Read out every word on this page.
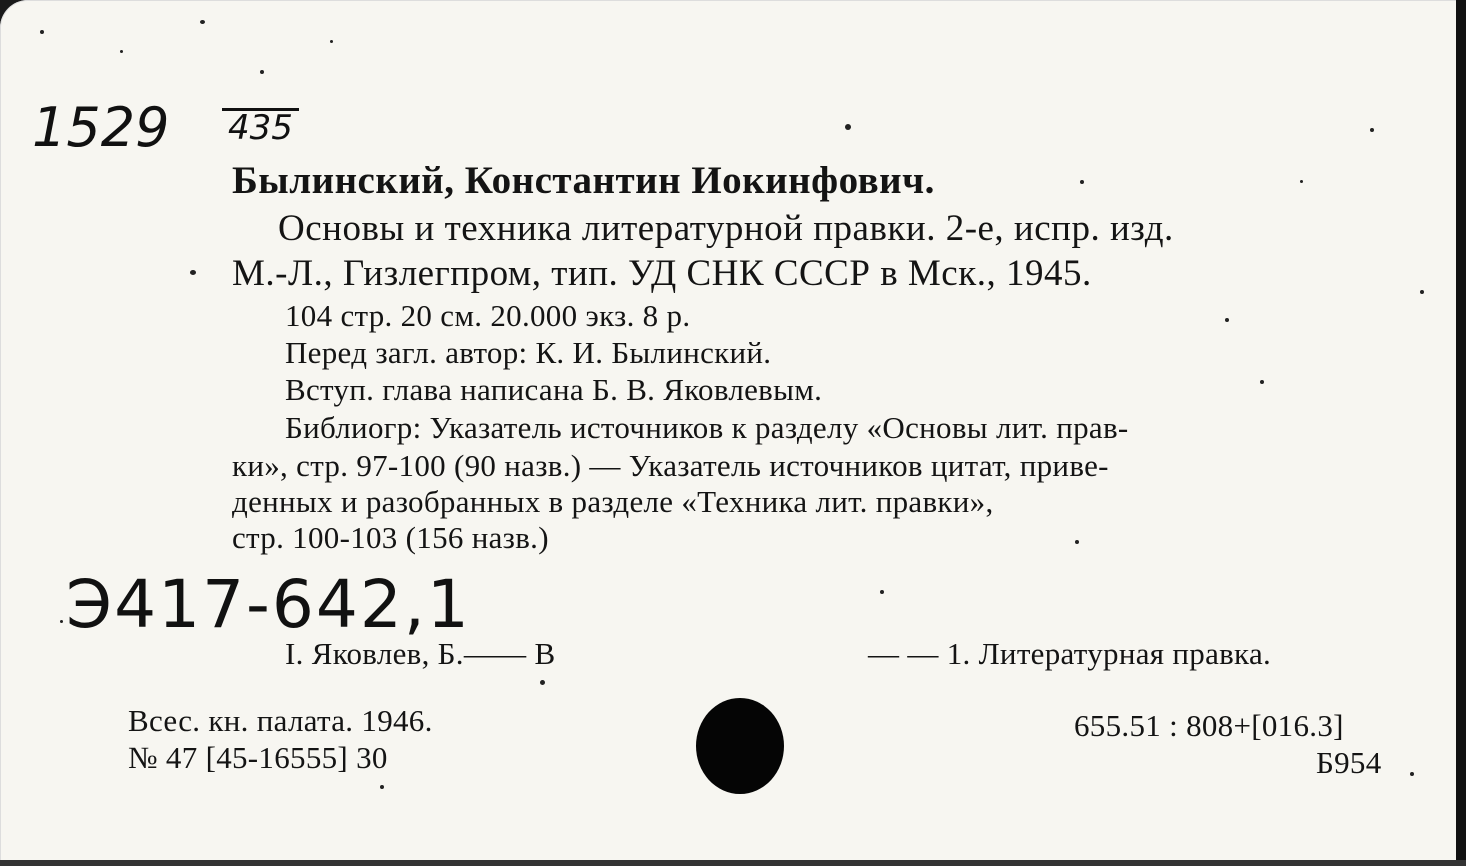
1529 435
Былинский, Константин Иокинфович.
Основы и техника литературной правки. 2-е, испр. изд.
М.-Л., Гизлегпром, тип. УД СНК СССР в Мск., 1945.
104 стр. 20 см. 20.000 экз. 8 р.
Перед загл. автор: К. И. Былинский.
Вступ. глава написана Б. В. Яковлевым.
Библиогр: Указатель источников к разделу «Основы лит. прав-
ки», стр. 97-100 (90 назв.) — Указатель источников цитат, приве-
денных и разобранных в разделе «Техника лит. правки»,
стр. 100-103 (156 назв.)
Э417-642,1
I. Яковлев, Б.—— В	— — 1. Литературная правка.
Всес. кн. палата. 1946.
№ 47 [45-16555] 30
655.51 : 808+[016.3]
Б954
